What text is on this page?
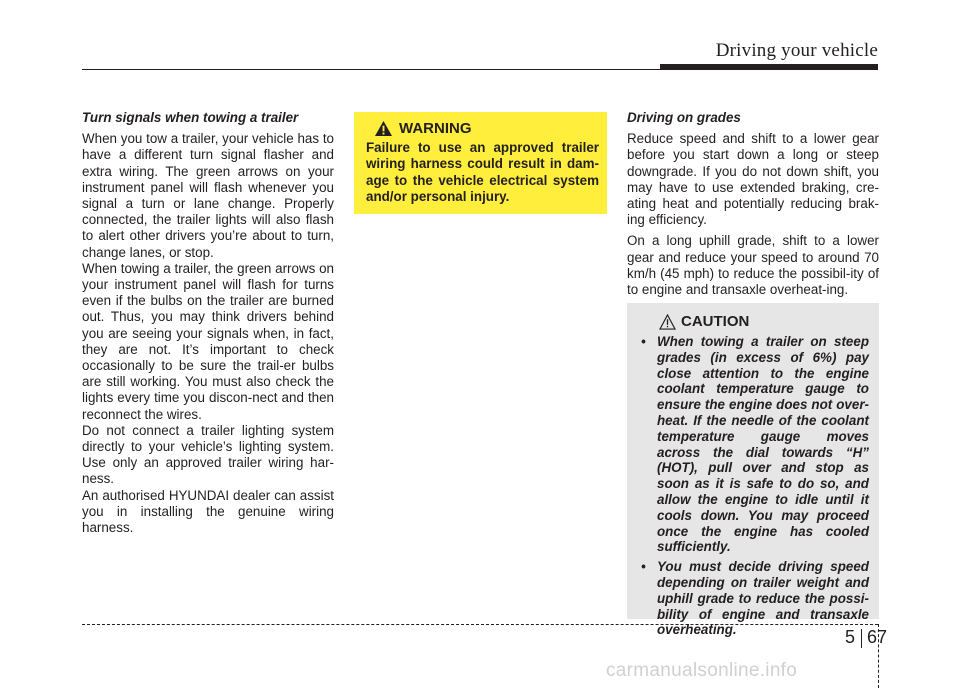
Driving your vehicle

Turn signals when towing a trailer

When you tow a trailer, your vehicle has to have a different turn signal flasher and extra wiring. The green arrows on your instrument panel will flash whenever you signal a turn or lane change. Properly connected, the trailer lights will also flash to alert other drivers you’re about to turn, change lanes, or stop.

When towing a trailer, the green arrows on your instrument panel will flash for turns even if the bulbs on the trailer are burned out. Thus, you may think drivers behind you are seeing your signals when, in fact, they are not. It’s important to check occasionally to be sure the trail-er bulbs are still working. You must also check the lights every time you discon-nect and then reconnect the wires.

Do not connect a trailer lighting system directly to your vehicle’s lighting system. Use only an approved trailer wiring har-ness.

An authorised HYUNDAI dealer can assist you in installing the genuine wiring harness.

WARNING

Failure to use an approved trailer wiring harness could result in dam-age to the vehicle electrical system and/or personal injury.

Driving on grades

Reduce speed and shift to a lower gear before you start down a long or steep downgrade. If you do not down shift, you may have to use extended braking, cre-ating heat and potentially reducing brak-ing efficiency.

On a long uphill grade, shift to a lower gear and reduce your speed to around 70 km/h (45 mph) to reduce the possibil-ity of to engine and transaxle overheat-ing.

CAUTION
• When towing a trailer on steep grades (in excess of 6%) pay close attention to the engine coolant temperature gauge to ensure the engine does not over-heat. If the needle of the coolant temperature gauge moves across the dial towards “H” (HOT), pull over and stop as soon as it is safe to do so, and allow the engine to idle until it cools down. You may proceed once the engine has cooled sufficiently.
• You must decide driving speed depending on trailer weight and uphill grade to reduce the possi-bility of engine and transaxle overheating.	5 67
carmanualsonline.info
